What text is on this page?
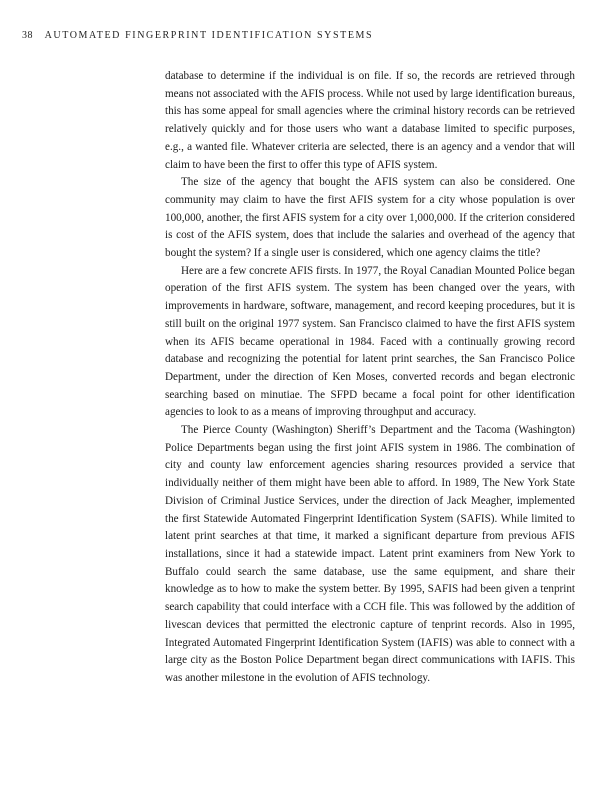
38 AUTOMATED FINGERPRINT IDENTIFICATION SYSTEMS

database to determine if the individual is on file. If so, the records are retrieved through means not associated with the AFIS process. While not used by large identification bureaus, this has some appeal for small agencies where the criminal history records can be retrieved relatively quickly and for those users who want a database limited to specific purposes, e.g., a wanted file. Whatever criteria are selected, there is an agency and a vendor that will claim to have been the first to offer this type of AFIS system.

The size of the agency that bought the AFIS system can also be considered. One community may claim to have the first AFIS system for a city whose population is over 100,000, another, the first AFIS system for a city over 1,000,000. If the criterion considered is cost of the AFIS system, does that include the salaries and overhead of the agency that bought the system? If a single user is considered, which one agency claims the title?

Here are a few concrete AFIS firsts. In 1977, the Royal Canadian Mounted Police began operation of the first AFIS system. The system has been changed over the years, with improvements in hardware, software, management, and record keeping procedures, but it is still built on the original 1977 system. San Francisco claimed to have the first AFIS system when its AFIS became operational in 1984. Faced with a continually growing record database and recognizing the potential for latent print searches, the San Francisco Police Department, under the direction of Ken Moses, converted records and began electronic searching based on minutiae. The SFPD became a focal point for other identification agencies to look to as a means of improving throughput and accuracy.

The Pierce County (Washington) Sheriff’s Department and the Tacoma (Washington) Police Departments began using the first joint AFIS system in 1986. The combination of city and county law enforcement agencies sharing resources provided a service that individually neither of them might have been able to afford. In 1989, The New York State Division of Criminal Justice Services, under the direction of Jack Meagher, implemented the first Statewide Automated Fingerprint Identification System (SAFIS). While limited to latent print searches at that time, it marked a significant departure from previous AFIS installations, since it had a statewide impact. Latent print examiners from New York to Buffalo could search the same database, use the same equipment, and share their knowledge as to how to make the system better. By 1995, SAFIS had been given a tenprint search capability that could interface with a CCH file. This was followed by the addition of livescan devices that permitted the electronic capture of tenprint records. Also in 1995, Integrated Automated Fingerprint Identification System (IAFIS) was able to connect with a large city as the Boston Police Department began direct communications with IAFIS. This was another milestone in the evolution of AFIS technology.
